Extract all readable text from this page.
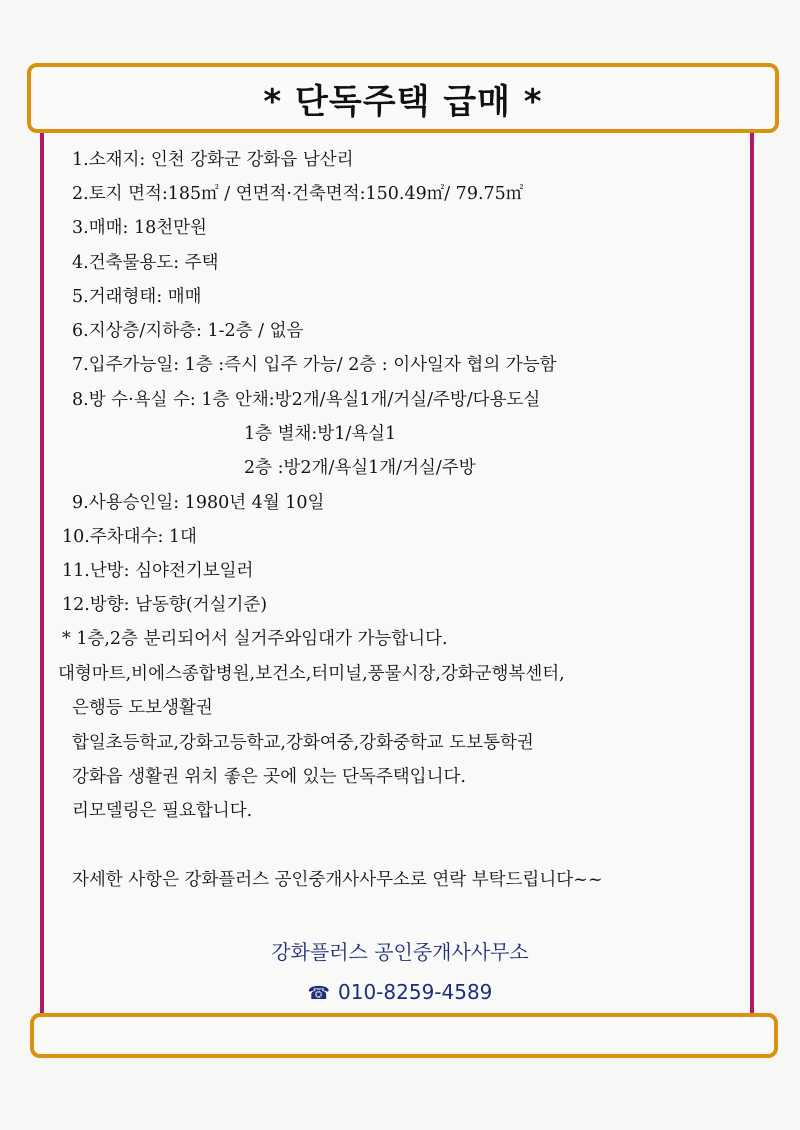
* 단독주택 급매 *
1.소재지: 인천 강화군 강화읍 남산리
2.토지 면적:185㎡ / 연면적·건축면적:150.49㎡/ 79.75㎡
3.매매: 18천만원
4.건축물용도: 주택
5.거래형태: 매매
6.지상층/지하층: 1-2층 / 없음
7.입주가능일: 1층 :즉시 입주 가능/ 2층 : 이사일자 협의 가능함
8.방 수·욕실 수: 1층 안채:방2개/욕실1개/거실/주방/다용도실
1층 별채:방1/욕실1
2층 :방2개/욕실1개/거실/주방
9.사용승인일: 1980년 4월 10일
10.주차대수: 1대
11.난방: 심야전기보일러
12.방향: 남동향(거실기준)
* 1층,2층 분리되어서 실거주와임대가 가능합니다.
대형마트,비에스종합병원,보건소,터미널,풍물시장,강화군행복센터,
은행등 도보생활권
합일초등학교,강화고등학교,강화여중,강화중학교 도보통학권
강화읍 생활권 위치 좋은 곳에 있는 단독주택입니다.
리모델링은 필요합니다.
자세한 사항은 강화플러스 공인중개사사무소로 연락 부탁드립니다~~
강화플러스 공인중개사사무소
☎ 010-8259-4589
